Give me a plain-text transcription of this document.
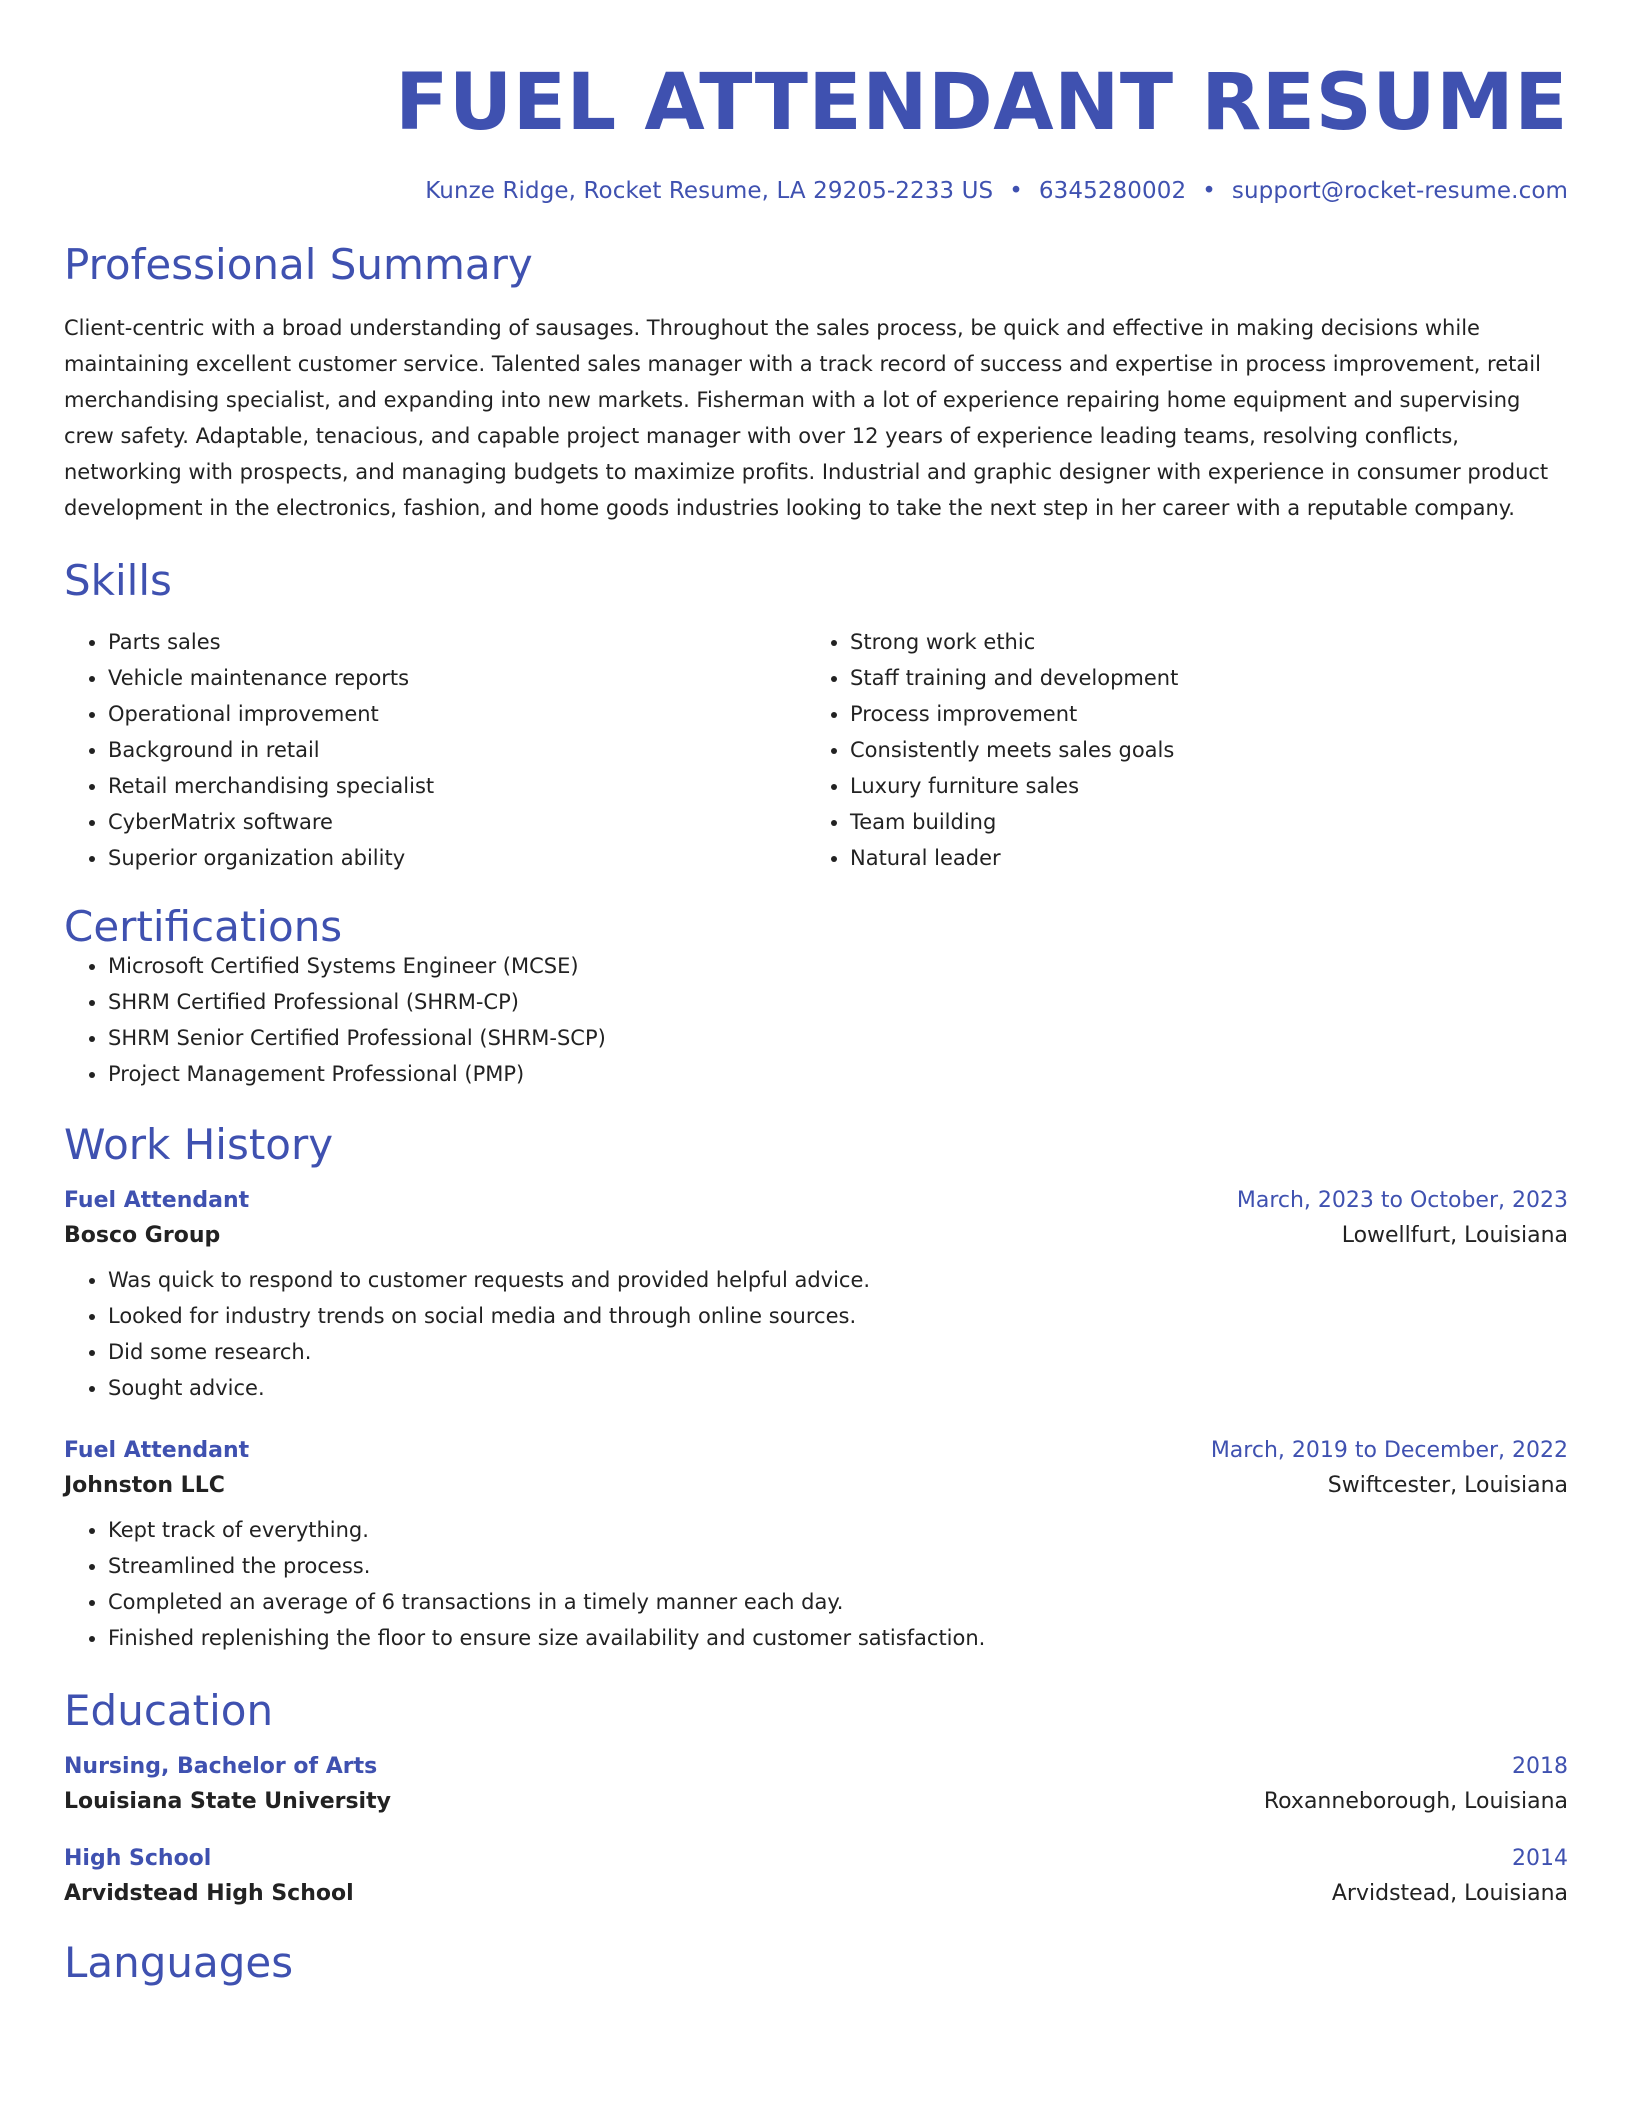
FUEL ATTENDANT RESUME
Kunze Ridge, Rocket Resume, LA 29205-2233 US • 6345280002 • support@rocket-resume.com
Professional Summary
Client-centric with a broad understanding of sausages. Throughout the sales process, be quick and effective in making decisions while maintaining excellent customer service. Talented sales manager with a track record of success and expertise in process improvement, retail merchandising specialist, and expanding into new markets. Fisherman with a lot of experience repairing home equipment and supervising crew safety. Adaptable, tenacious, and capable project manager with over 12 years of experience leading teams, resolving conflicts, networking with prospects, and managing budgets to maximize profits. Industrial and graphic designer with experience in consumer product development in the electronics, fashion, and home goods industries looking to take the next step in her career with a reputable company.
Skills
• Parts sales
• Vehicle maintenance reports
• Operational improvement
• Background in retail
• Retail merchandising specialist
• CyberMatrix software
• Superior organization ability
• Strong work ethic
• Staff training and development
• Process improvement
• Consistently meets sales goals
• Luxury furniture sales
• Team building
• Natural leader
Certifications
• Microsoft Certified Systems Engineer (MCSE)
• SHRM Certified Professional (SHRM-CP)
• SHRM Senior Certified Professional (SHRM-SCP)
• Project Management Professional (PMP)
Work History
Fuel Attendant	March, 2023 to October, 2023
Bosco Group	Lowellfurt, Louisiana
• Was quick to respond to customer requests and provided helpful advice.
• Looked for industry trends on social media and through online sources.
• Did some research.
• Sought advice.
Fuel Attendant	March, 2019 to December, 2022
Johnston LLC	Swiftcester, Louisiana
• Kept track of everything.
• Streamlined the process.
• Completed an average of 6 transactions in a timely manner each day.
• Finished replenishing the floor to ensure size availability and customer satisfaction.
Education
Nursing, Bachelor of Arts	2018
Louisiana State University	Roxanneborough, Louisiana
High School	2014
Arvidstead High School	Arvidstead, Louisiana
Languages
